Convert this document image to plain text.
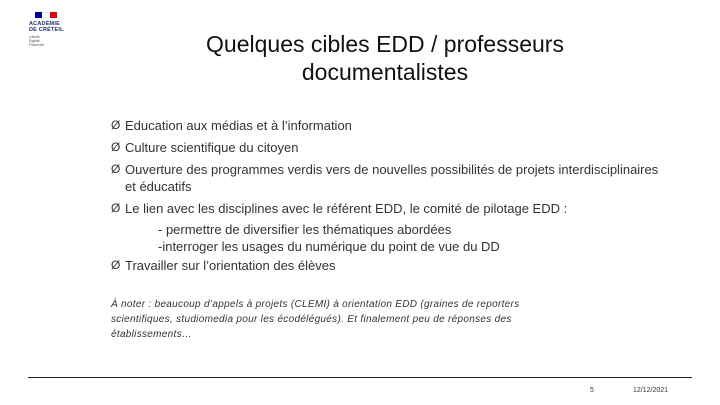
ACADÉMIE
DE CRÉTEIL
Liberté
Égalité
Fraternité	Quelques cibles EDD / professeurs documentalistes
Ø Education aux médias et à l’information
Ø Culture scientifique du citoyen
Ø Ouverture des programmes verdis vers de nouvelles possibilités de projets interdisciplinaires et éducatifs
Ø Le lien avec les disciplines avec le référent EDD, le comité de pilotage EDD :
- permettre de diversifier les thématiques abordées
-interroger les usages du numérique du point de vue du DD
Ø Travailler sur l’orientation des élèves
À noter : beaucoup d’appels à projets (CLEMI) à orientation EDD (graines de reporters scientifiques, studiomedia pour les écodélégués). Et finalement peu de réponses des établissements…
5	12/12/2021
